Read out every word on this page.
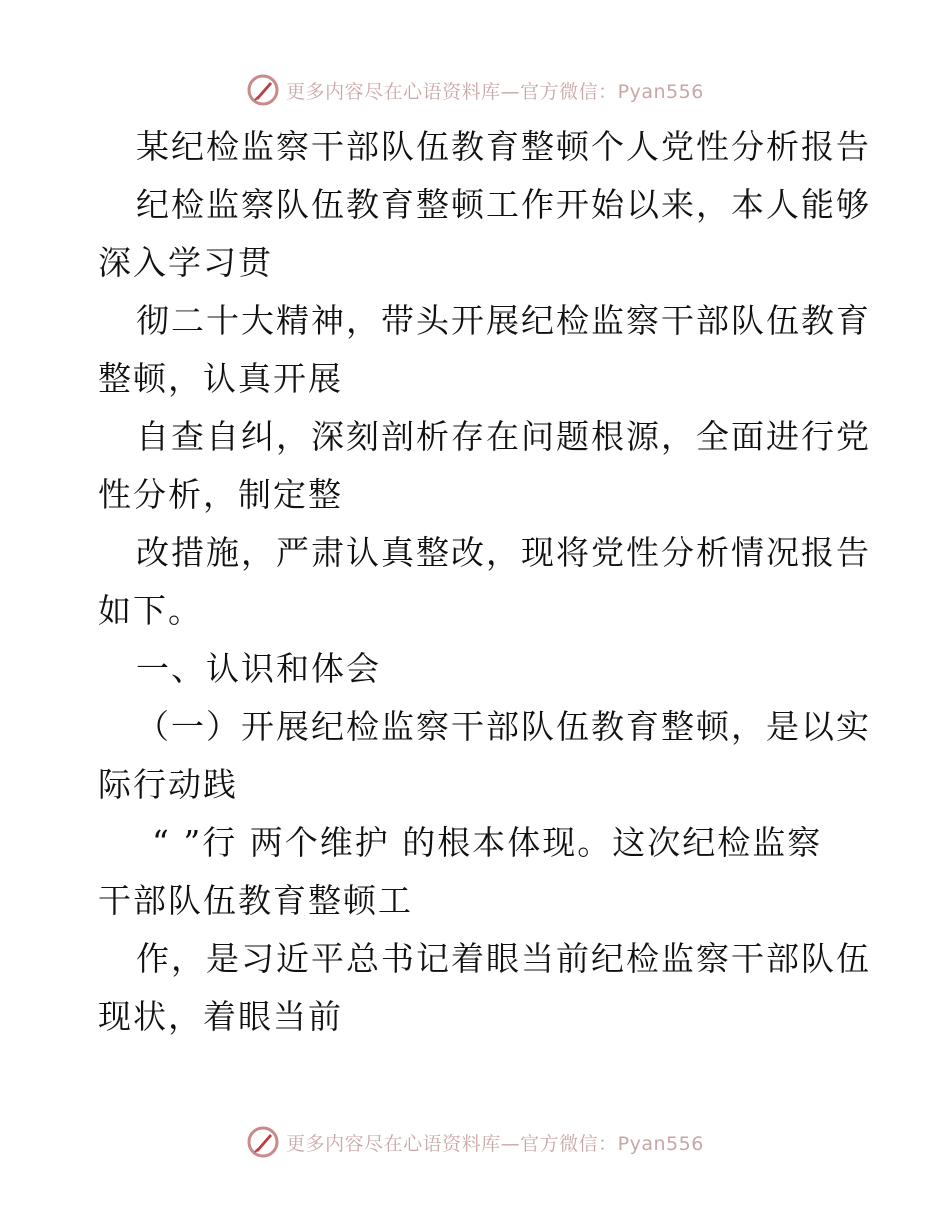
更多内容尽在心语资料库—官方微信：Pyan556
某纪检监察干部队伍教育整顿个人党性分析报告
纪检监察队伍教育整顿工作开始以来，本人能够
深入学习贯
彻二十大精神，带头开展纪检监察干部队伍教育
整顿，认真开展
自查自纠，深刻剖析存在问题根源，全面进行党
性分析，制定整
改措施，严肃认真整改，现将党性分析情况报告
如下。
一、认识和体会
（一）开展纪检监察干部队伍教育整顿，是以实
际行动践
“ ”行 两个维护 的根本体现。这次纪检监察
干部队伍教育整顿工
作，是习近平总书记着眼当前纪检监察干部队伍
现状，着眼当前
更多内容尽在心语资料库—官方微信：Pyan556
